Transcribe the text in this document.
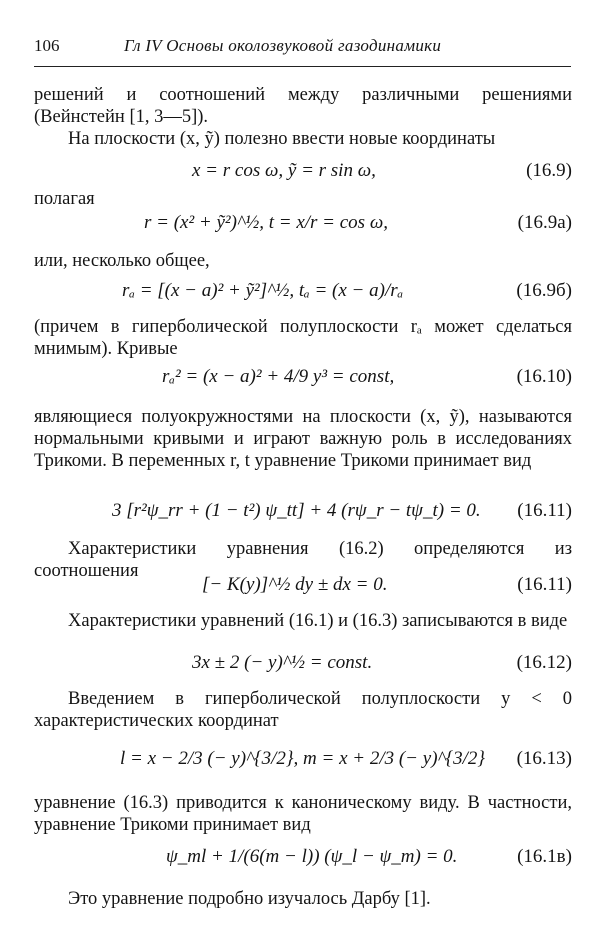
106	Гл IV Основы околозвуковой газодинамики
решений и соотношений между различными решениями (Вейнстейн [1, 3—5]).
На плоскости (x, ỹ) полезно ввести новые координаты
x = r cos ω, ỹ = r sin ω,	(16.9)
полагая
r = (x² + ỹ²)^½, t = x/r = cos ω,	(16.9a)
или, несколько общее,
rₐ = [(x − a)² + ỹ²]^½, tₐ = (x − a)/rₐ	(16.9б)
(причем в гиперболической полуплоскости rₐ может сделаться мнимым). Кривые
rₐ² = (x − a)² + 4/9 y³ = const,	(16.10)
являющиеся полуокружностями на плоскости (x, ỹ), называются нормальными кривыми и играют важную роль в исследованиях Трикоми. В переменных r, t уравнение Трикоми принимает вид
3 [r²ψ_rr + (1 − t²) ψ_tt] + 4 (rψ_r − tψ_t) = 0. (16.11)
Характеристики уравнения (16.2) определяются из соотношения
[− K(y)]^½ dy ± dx = 0.	(16.11)
Характеристики уравнений (16.1) и (16.3) записываются в виде
3x ± 2 (− y)^½ = const.	(16.12)
Введением в гиперболической полуплоскости y < 0 характеристических координат
l = x − 2/3 (− y)^{3/2}, m = x + 2/3 (− y)^{3/2} (16.13)
уравнение (16.3) приводится к каноническому виду. В частности, уравнение Трикоми принимает вид
ψ_ml + 1/(6(m − l)) (ψ_l − ψ_m) = 0.	(16.1в)
Это уравнение подробно изучалось Дарбу [1].
